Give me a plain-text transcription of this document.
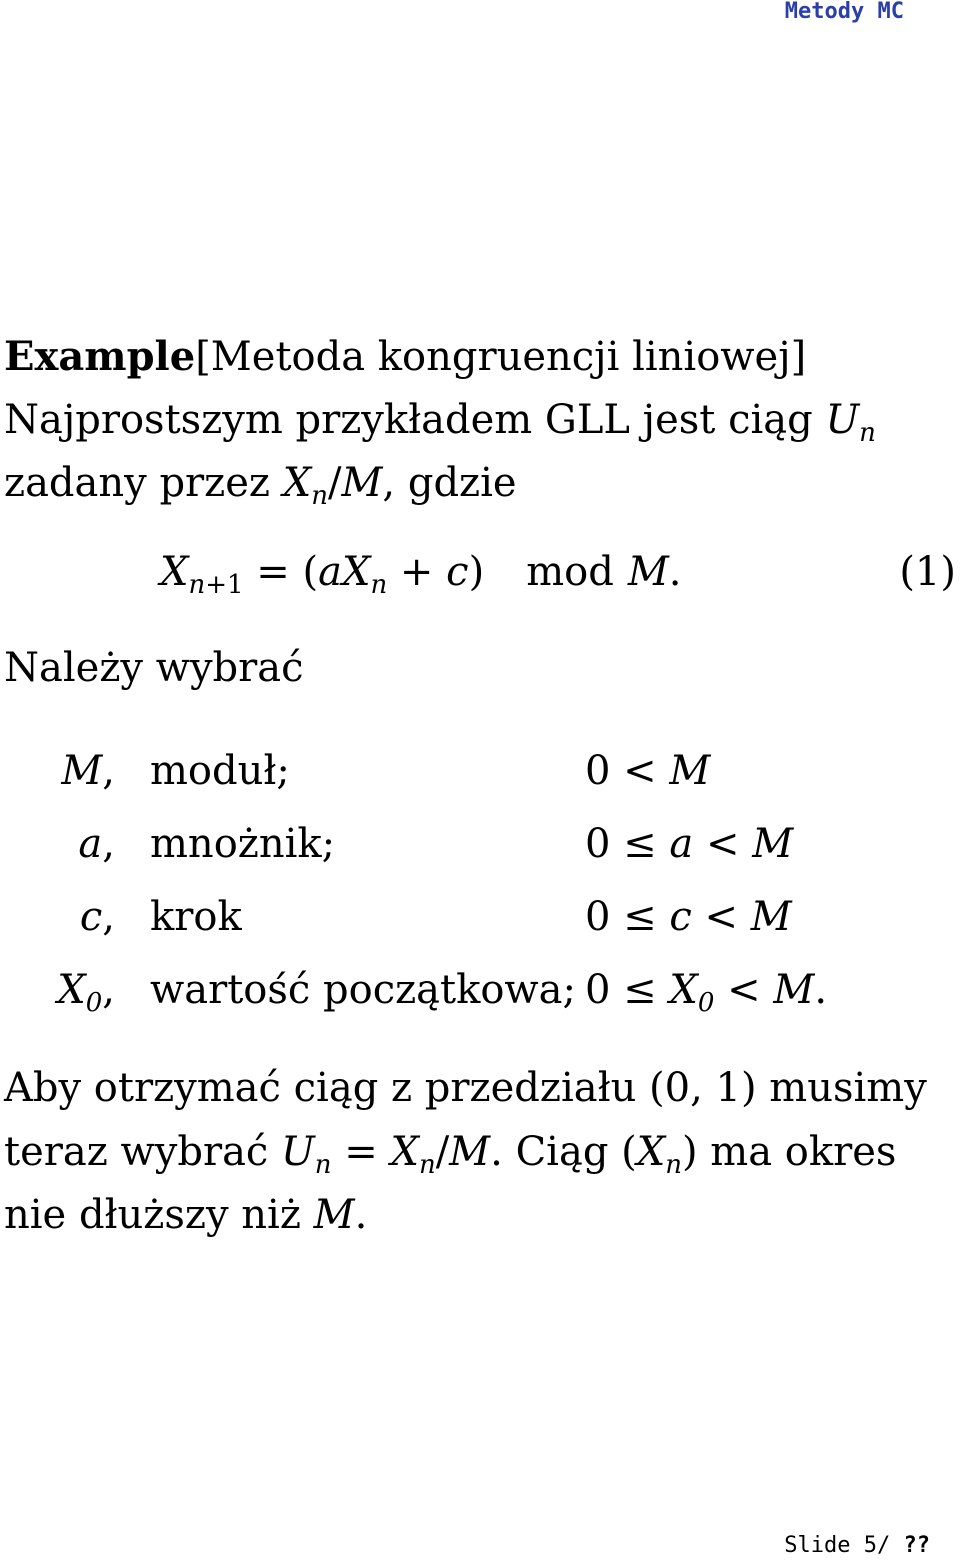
Metody MC
Example[Metoda kongruencji liniowej]
Najprostszym przykładem GLL jest ciąg $U_n$
zadany przez $X_n/M$, gdzie
$X_{n+1} = (aX_n + c)$ mod M.	(1)
Należy wybrać
M, moduł;	0 < M
a, mnożnik;	0 ≤ a < M
c, krok	0 ≤ c < M
$X_0$, wartość początkowa; $0 \le X_0 < M$.
Aby otrzymać ciąg z przedziału (0, 1) musimy
teraz wybrać $U_n = X_n/M$. Ciąg $(X_n)$ ma okres
nie dłuższy niż M.
Slide 5/ ??
